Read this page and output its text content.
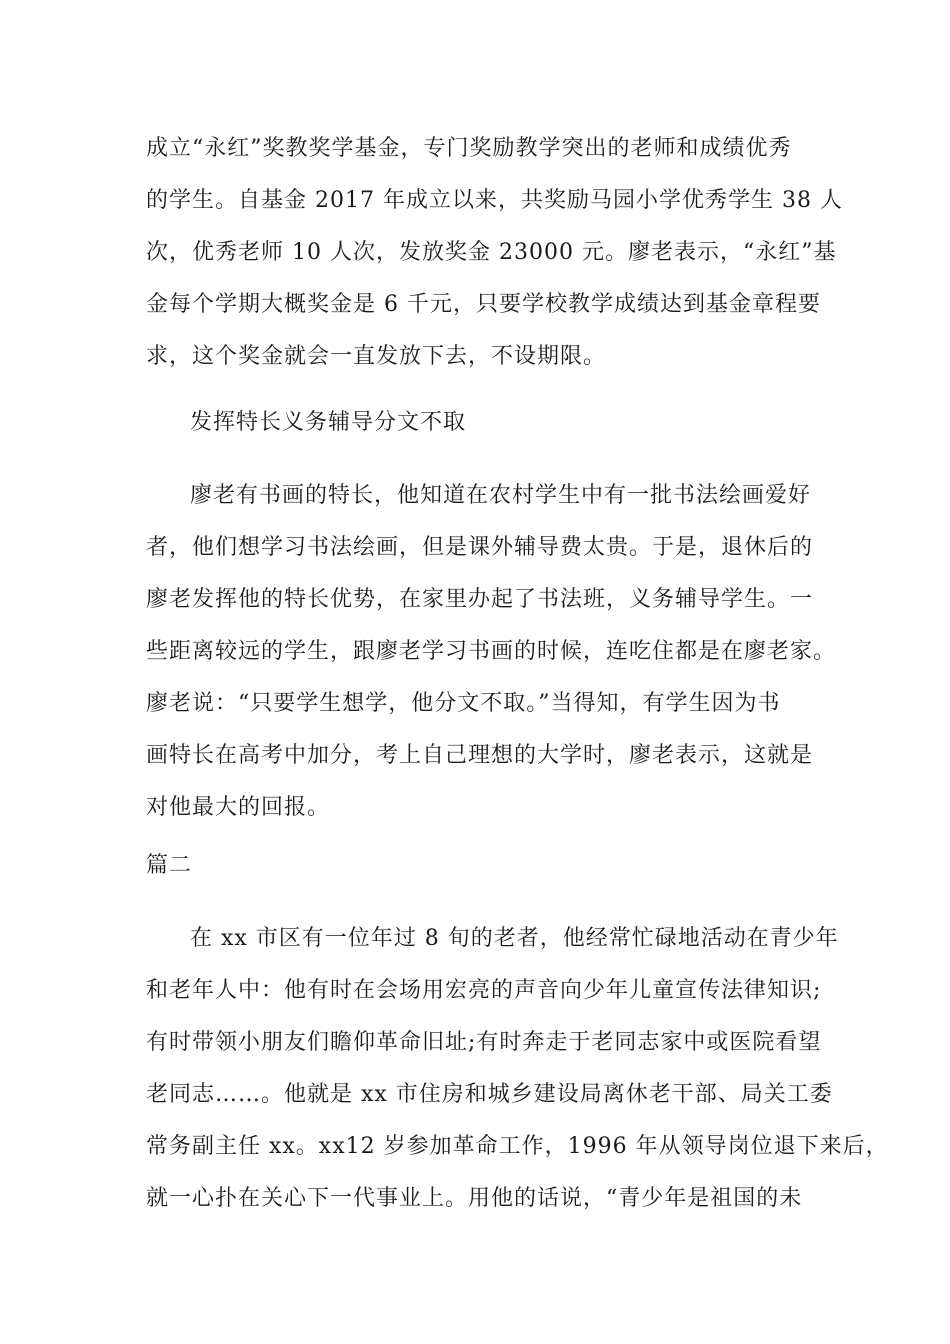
成立“永红”奖教奖学基金，专门奖励教学突出的老师和成绩优秀
的学生。自基金 2017 年成立以来，共奖励马园小学优秀学生 38 人
次，优秀老师 10 人次，发放奖金 23000 元。廖老表示，“永红”基
金每个学期大概奖金是 6 千元，只要学校教学成绩达到基金章程要
求，这个奖金就会一直发放下去，不设期限。
发挥特长义务辅导分文不取
廖老有书画的特长，他知道在农村学生中有一批书法绘画爱好
者，他们想学习书法绘画，但是课外辅导费太贵。于是，退休后的
廖老发挥他的特长优势，在家里办起了书法班，义务辅导学生。一
些距离较远的学生，跟廖老学习书画的时候，连吃住都是在廖老家。
廖老说：“只要学生想学，他分文不取。”当得知，有学生因为书
画特长在高考中加分，考上自己理想的大学时，廖老表示，这就是
对他最大的回报。
篇二
在 xx 市区有一位年过 8 旬的老者，他经常忙碌地活动在青少年
和老年人中：他有时在会场用宏亮的声音向少年儿童宣传法律知识;
有时带领小朋友们瞻仰革命旧址;有时奔走于老同志家中或医院看望
老同志……。他就是 xx 市住房和城乡建设局离休老干部、局关工委
常务副主任 xx。xx12 岁参加革命工作，1996 年从领导岗位退下来后，
就一心扑在关心下一代事业上。用他的话说，“青少年是祖国的未
